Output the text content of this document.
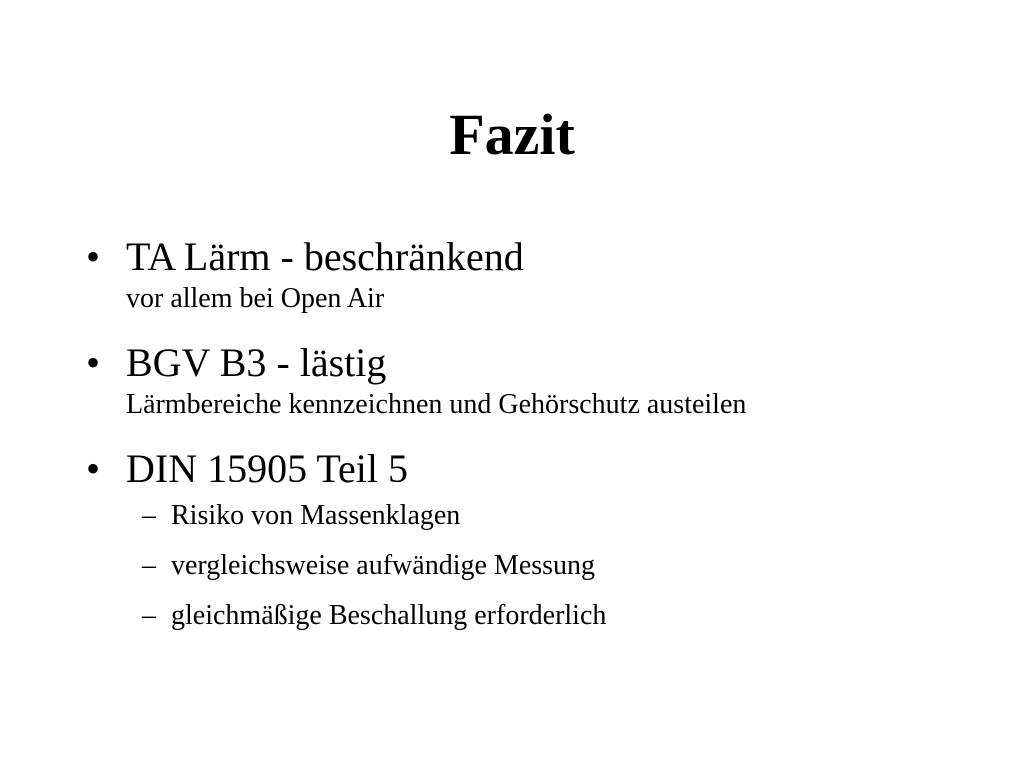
Fazit
• TA Lärm - beschränkend
vor allem bei Open Air
• BGV B3 - lästig
Lärmbereiche kennzeichnen und Gehörschutz austeilen
• DIN 15905 Teil 5
– Risiko von Massenklagen
– vergleichsweise aufwändige Messung
– gleichmäßige Beschallung erforderlich
